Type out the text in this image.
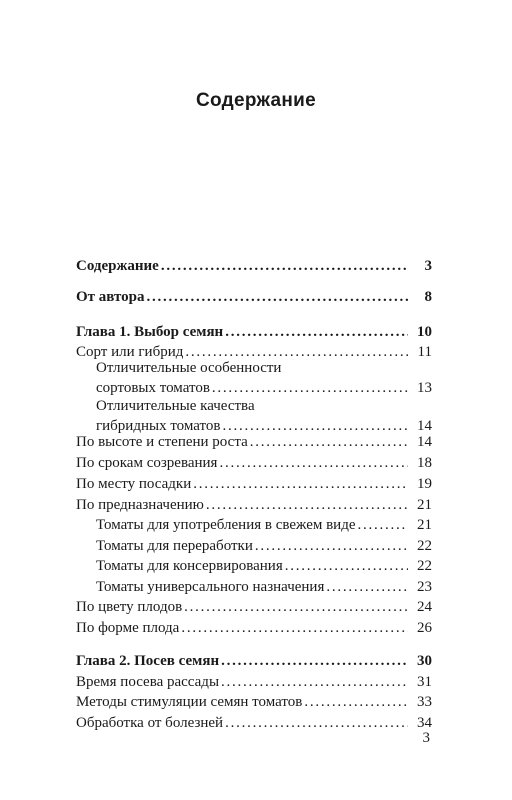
Содержание
Содержание . . .	3
От автора . . .	8
Глава 1. Выбор семян . . .	10
Сорт или гибрид . . .	11
Отличительные особенности
сортовых томатов . . .	13
Отличительные качества
гибридных томатов . . .	14
По высоте и степени роста . . .	14
По срокам созревания . . .	18
По месту посадки . . .	19
По предназначению . . .	21
Томаты для употребления в свежем виде . . .	21
Томаты для переработки . . .	22
Томаты для консервирования . . .	22
Томаты универсального назначения . . .	23
По цвету плодов . . .	24
По форме плода . . .	26
Глава 2. Посев семян . . .	30
Время посева рассады . . .	31
Методы стимуляции семян томатов . . .	33
Обработка от болезней . . .	34
3
